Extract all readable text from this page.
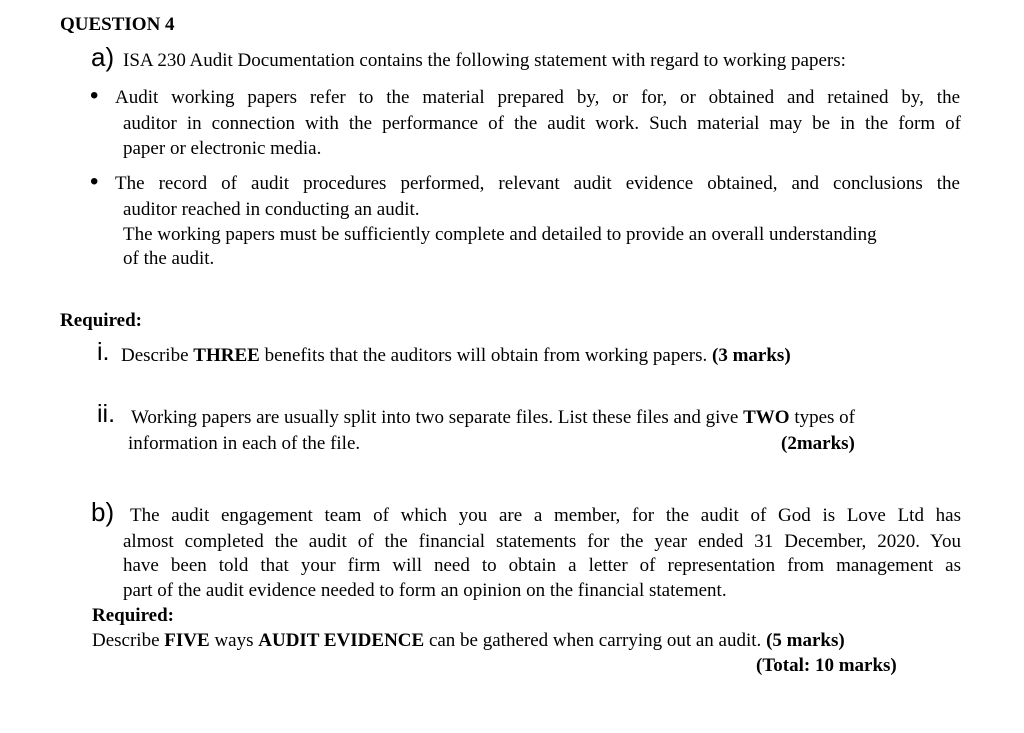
QUESTION 4
a) ISA 230 Audit Documentation contains the following statement with regard to working papers:
• Audit working papers refer to the material prepared by, or for, or obtained and retained by, the
auditor in connection with the performance of the audit work. Such material may be in the form of
paper or electronic media.
• The record of audit procedures performed, relevant audit evidence obtained, and conclusions the
auditor reached in conducting an audit.
The working papers must be sufficiently complete and detailed to provide an overall understanding
of the audit.
Required:
i. Describe THREE benefits that the auditors will obtain from working papers. (3 marks)
ii. Working papers are usually split into two separate files. List these files and give TWO types of
information in each of the file.	(2marks)
b) The audit engagement team of which you are a member, for the audit of God is Love Ltd has
almost completed the audit of the financial statements for the year ended 31 December, 2020. You
have been told that your firm will need to obtain a letter of representation from management as
part of the audit evidence needed to form an opinion on the financial statement.
Required:
Describe FIVE ways AUDIT EVIDENCE can be gathered when carrying out an audit. (5 marks)
(Total: 10 marks)
